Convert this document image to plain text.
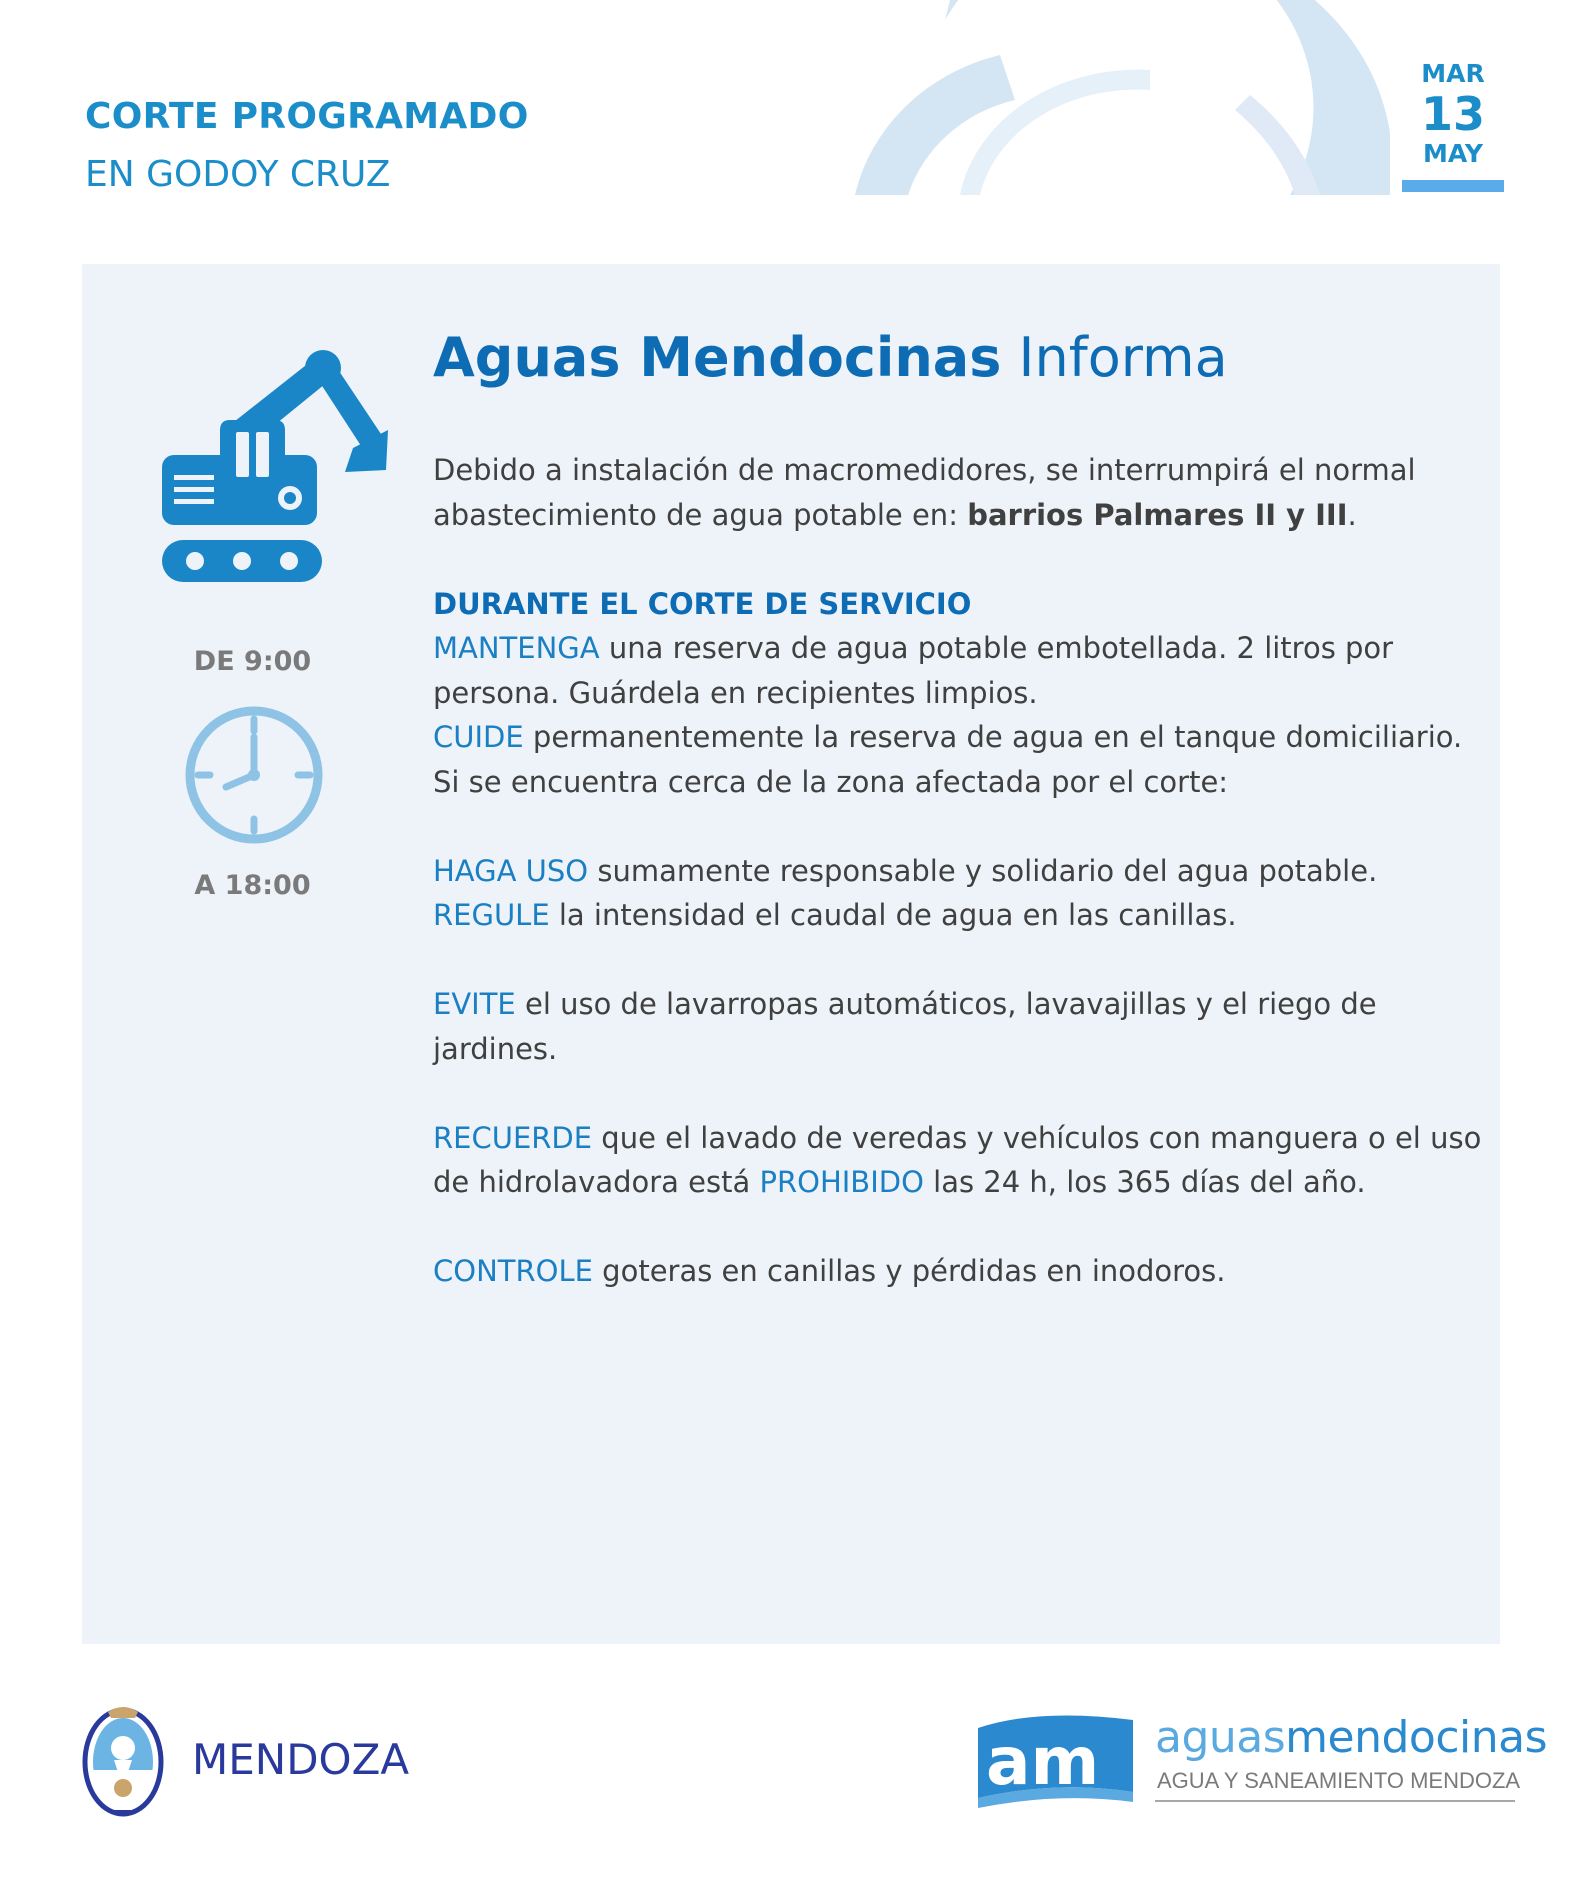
CORTE PROGRAMADO
EN GODOY CRUZ
MAR
13
MAY
DE 9:00
A 18:00
Aguas Mendocinas Informa

Debido a instalación de macromedidores, se interrumpirá el normal abastecimiento de agua potable en: barrios Palmares II y III.

DURANTE EL CORTE DE SERVICIO

MANTENGA una reserva de agua potable embotellada. 2 litros por persona. Guárdela en recipientes limpios.

CUIDE permanentemente la reserva de agua en el tanque domiciliario.

Si se encuentra cerca de la zona afectada por el corte:

HAGA USO sumamente responsable y solidario del agua potable.

REGULE la intensidad el caudal de agua en las canillas.

EVITE el uso de lavarropas automáticos, lavavajillas y el riego de jardines.

RECUERDE que el lavado de veredas y vehículos con manguera o el uso de hidrolavadora está PROHIBIDO las 24 h, los 365 días del año.

CONTROLE goteras en canillas y pérdidas en inodoros.

MENDOZA	am aguasmendocinas
AGUA Y SANEAMIENTO MENDOZA
